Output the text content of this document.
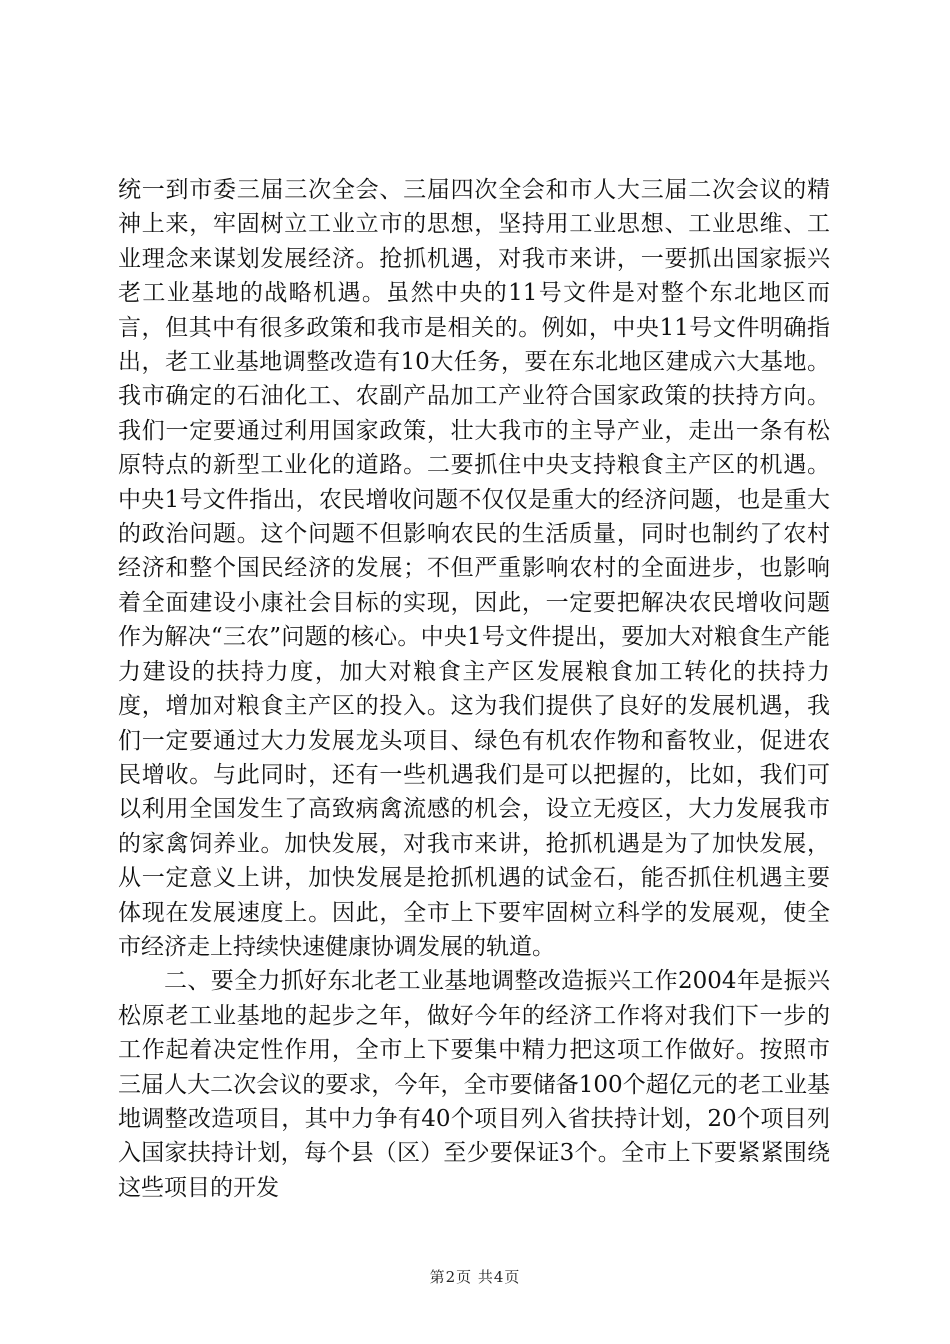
统一到市委三届三次全会、三届四次全会和市人大三届二次会议的精神上来，牢固树立工业立市的思想，坚持用工业思想、工业思维、工业理念来谋划发展经济。抢抓机遇，对我市来讲，一要抓出国家振兴老工业基地的战略机遇。虽然中央的11号文件是对整个东北地区而言，但其中有很多政策和我市是相关的。例如，中央11号文件明确指出，老工业基地调整改造有10大任务，要在东北地区建成六大基地。我市确定的石油化工、农副产品加工产业符合国家政策的扶持方向。我们一定要通过利用国家政策，壮大我市的主导产业，走出一条有松原特点的新型工业化的道路。二要抓住中央支持粮食主产区的机遇。中央1号文件指出，农民增收问题不仅仅是重大的经济问题，也是重大的政治问题。这个问题不但影响农民的生活质量，同时也制约了农村经济和整个国民经济的发展；不但严重影响农村的全面进步，也影响着全面建设小康社会目标的实现，因此，一定要把解决农民增收问题作为解决“三农”问题的核心。中央1号文件提出，要加大对粮食生产能力建设的扶持力度，加大对粮食主产区发展粮食加工转化的扶持力度，增加对粮食主产区的投入。这为我们提供了良好的发展机遇，我们一定要通过大力发展龙头项目、绿色有机农作物和畜牧业，促进农民增收。与此同时，还有一些机遇我们是可以把握的，比如，我们可以利用全国发生了高致病禽流感的机会，设立无疫区，大力发展我市的家禽饲养业。加快发展，对我市来讲，抢抓机遇是为了加快发展，从一定意义上讲，加快发展是抢抓机遇的试金石，能否抓住机遇主要体现在发展速度上。因此，全市上下要牢固树立科学的发展观，使全市经济走上持续快速健康协调发展的轨道。

二、要全力抓好东北老工业基地调整改造振兴工作2004年是振兴松原老工业基地的起步之年，做好今年的经济工作将对我们下一步的工作起着决定性作用，全市上下要集中精力把这项工作做好。按照市三届人大二次会议的要求，今年，全市要储备100个超亿元的老工业基地调整改造项目，其中力争有40个项目列入省扶持计划，20个项目列入国家扶持计划，每个县（区）至少要保证3个。全市上下要紧紧围绕这些项目的开发

第2页 共4页
